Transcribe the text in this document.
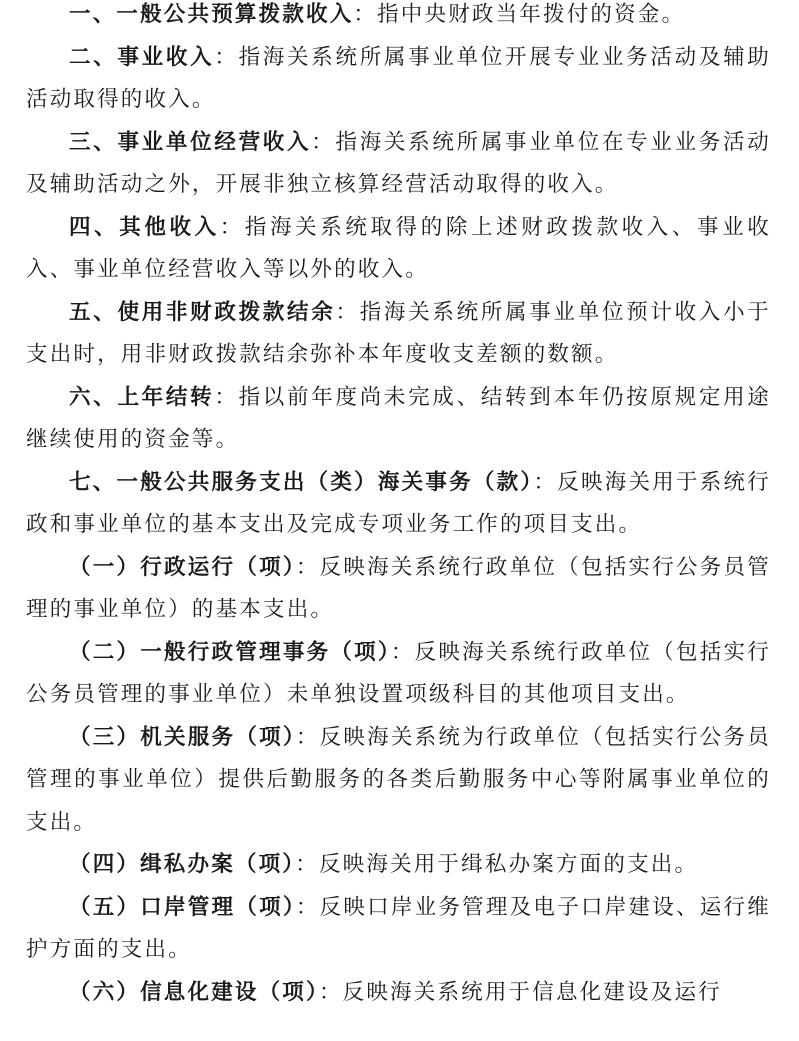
一、一般公共预算拨款收入：指中央财政当年拨付的资金。

二、事业收入：指海关系统所属事业单位开展专业业务活动及辅助活动取得的收入。

三、事业单位经营收入：指海关系统所属事业单位在专业业务活动及辅助活动之外，开展非独立核算经营活动取得的收入。

四、其他收入：指海关系统取得的除上述财政拨款收入、事业收入、事业单位经营收入等以外的收入。

五、使用非财政拨款结余：指海关系统所属事业单位预计收入小于支出时，用非财政拨款结余弥补本年度收支差额的数额。

六、上年结转：指以前年度尚未完成、结转到本年仍按原规定用途继续使用的资金等。

七、一般公共服务支出（类）海关事务（款）：反映海关用于系统行政和事业单位的基本支出及完成专项业务工作的项目支出。

（一）行政运行（项）：反映海关系统行政单位（包括实行公务员管理的事业单位）的基本支出。

（二）一般行政管理事务（项）：反映海关系统行政单位（包括实行公务员管理的事业单位）未单独设置项级科目的其他项目支出。

（三）机关服务（项）：反映海关系统为行政单位（包括实行公务员管理的事业单位）提供后勤服务的各类后勤服务中心等附属事业单位的支出。

（四）缉私办案（项）：反映海关用于缉私办案方面的支出。

（五）口岸管理（项）：反映口岸业务管理及电子口岸建设、运行维护方面的支出。

（六）信息化建设（项）：反映海关系统用于信息化建设及运行
